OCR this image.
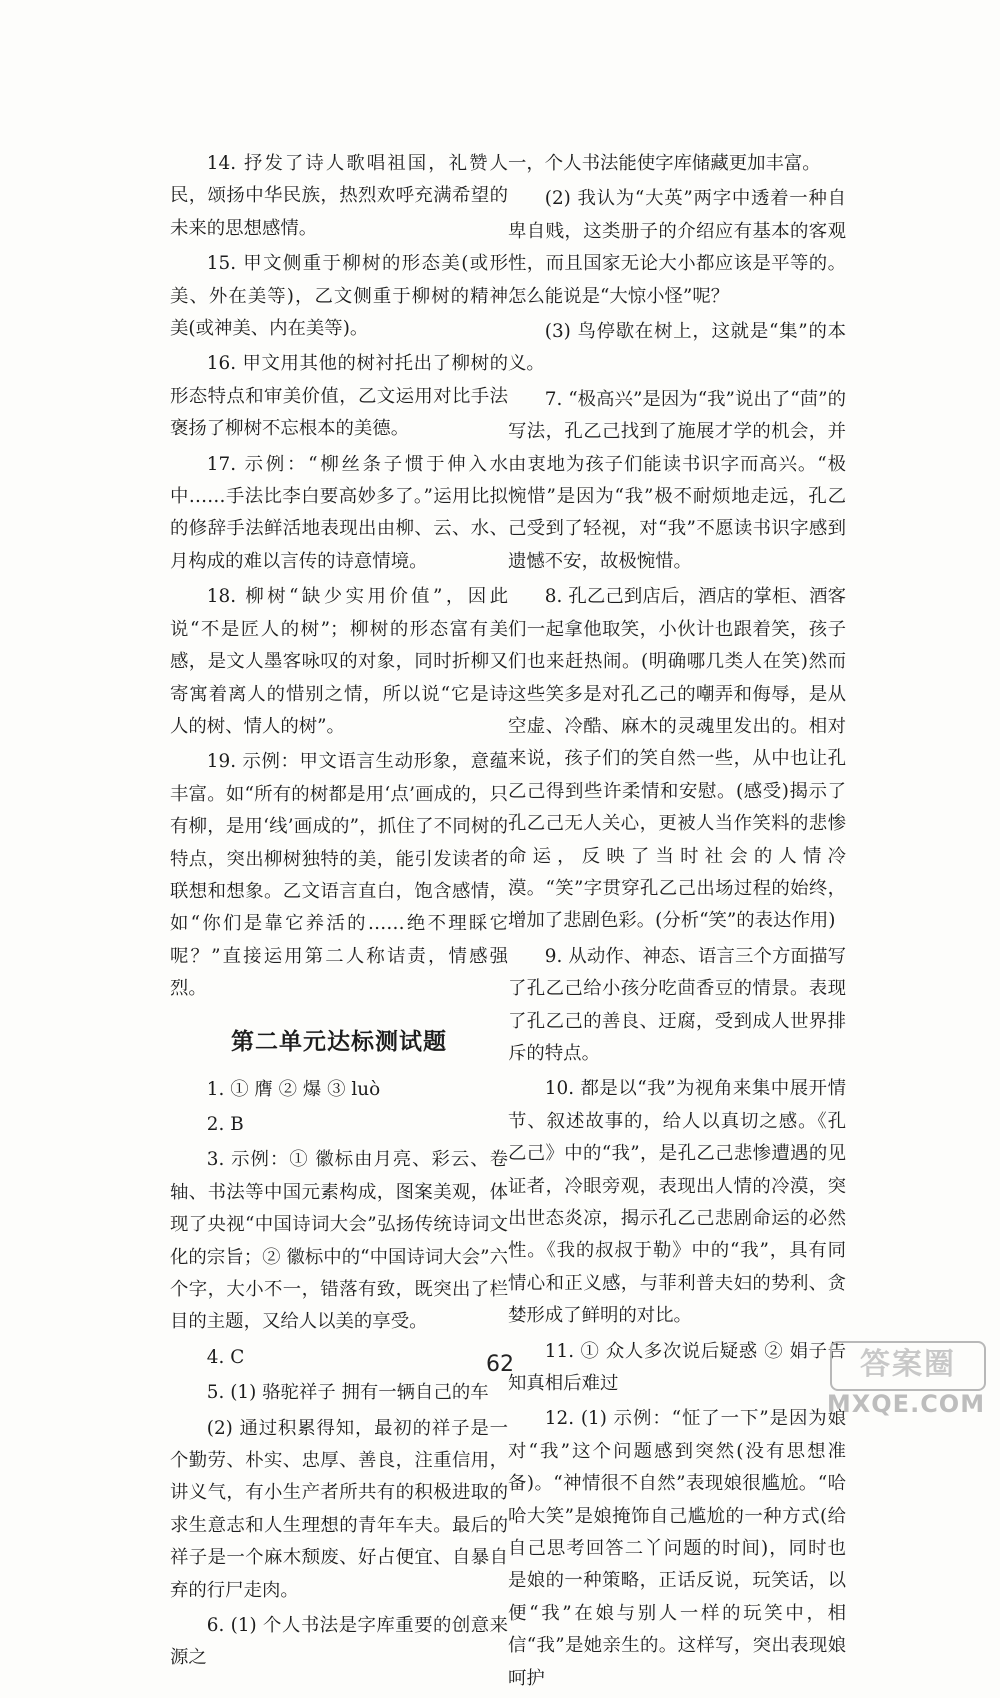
14. 抒发了诗人歌唱祖国，礼赞人民，颂扬中华民族，热烈欢呼充满希望的未来的思想感情。

15. 甲文侧重于柳树的形态美(或形美、外在美等)，乙文侧重于柳树的精神美(或神美、内在美等)。

16. 甲文用其他的树衬托出了柳树的形态特点和审美价值，乙文运用对比手法褒扬了柳树不忘根本的美德。

17. 示例：“柳丝条子惯于伸入水中……手法比李白要高妙多了。”运用比拟的修辞手法鲜活地表现出由柳、云、水、月构成的难以言传的诗意情境。

18. 柳树“缺少实用价值”，因此说“不是匠人的树”；柳树的形态富有美感，是文人墨客咏叹的对象，同时折柳又寄寓着离人的惜别之情，所以说“它是诗人的树、情人的树”。

19. 示例：甲文语言生动形象，意蕴丰富。如“所有的树都是用‘点’画成的，只有柳，是用‘线’画成的”，抓住了不同树的特点，突出柳树独特的美，能引发读者的联想和想象。乙文语言直白，饱含感情，如“你们是靠它养活的……绝不理睬它呢？”直接运用第二人称诘责，情感强烈。

第二单元达标测试题

1. ① 膺 ② 爆 ③ luò

2. B

3. 示例：① 徽标由月亮、彩云、卷轴、书法等中国元素构成，图案美观，体现了央视“中国诗词大会”弘扬传统诗词文化的宗旨；② 徽标中的“中国诗词大会”六个字，大小不一，错落有致，既突出了栏目的主题，又给人以美的享受。

4. C

5. (1) 骆驼祥子 拥有一辆自己的车

(2) 通过积累得知，最初的祥子是一个勤劳、朴实、忠厚、善良，注重信用，讲义气，有小生产者所共有的积极进取的求生意志和人生理想的青年车夫。最后的祥子是一个麻木颓废、好占便宜、自暴自弃的行尸走肉。

6. (1) 个人书法是字库重要的创意来源之

一，个人书法能使字库储藏更加丰富。

(2) 我认为“大英”两字中透着一种自卑自贱，这类册子的介绍应有基本的客观性，而且国家无论大小都应该是平等的。怎么能说是“大惊小怪”呢？

(3) 鸟停歇在树上，这就是“集”的本义。

7. “极高兴”是因为“我”说出了“茴”的写法，孔乙己找到了施展才学的机会，并由衷地为孩子们能读书识字而高兴。“极惋惜”是因为“我”极不耐烦地走远，孔乙己受到了轻视，对“我”不愿读书识字感到遗憾不安，故极惋惜。

8. 孔乙己到店后，酒店的掌柜、酒客们一起拿他取笑，小伙计也跟着笑，孩子们也来赶热闹。(明确哪几类人在笑)然而这些笑多是对孔乙己的嘲弄和侮辱，是从空虚、冷酷、麻木的灵魂里发出的。相对来说，孩子们的笑自然一些，从中也让孔乙己得到些许柔情和安慰。(感受)揭示了孔乙己无人关心，更被人当作笑料的悲惨命运，反映了当时社会的人情冷漠。“笑”字贯穿孔乙己出场过程的始终，增加了悲剧色彩。(分析“笑”的表达作用)

9. 从动作、神态、语言三个方面描写了孔乙己给小孩分吃茴香豆的情景。表现了孔乙己的善良、迂腐，受到成人世界排斥的特点。

10. 都是以“我”为视角来集中展开情节、叙述故事的，给人以真切之感。《孔乙己》中的“我”，是孔乙己悲惨遭遇的见证者，冷眼旁观，表现出人情的冷漠，突出世态炎凉，揭示孔乙己悲剧命运的必然性。《我的叔叔于勒》中的“我”，具有同情心和正义感，与菲利普夫妇的势利、贪婪形成了鲜明的对比。

11. ① 众人多次说后疑惑 ② 娟子告知真相后难过

12. (1) 示例：“怔了一下”是因为娘对“我”这个问题感到突然(没有思想准备)。“神情很不自然”表现娘很尴尬。“哈哈大笑”是娘掩饰自己尴尬的一种方式(给自己思考回答二丫问题的时间)，同时也是娘的一种策略，正话反说，玩笑话，以便“我”在娘与别人一样的玩笑中，相信“我”是她亲生的。这样写，突出表现娘呵护

62	答案圈
MXQE.COM
